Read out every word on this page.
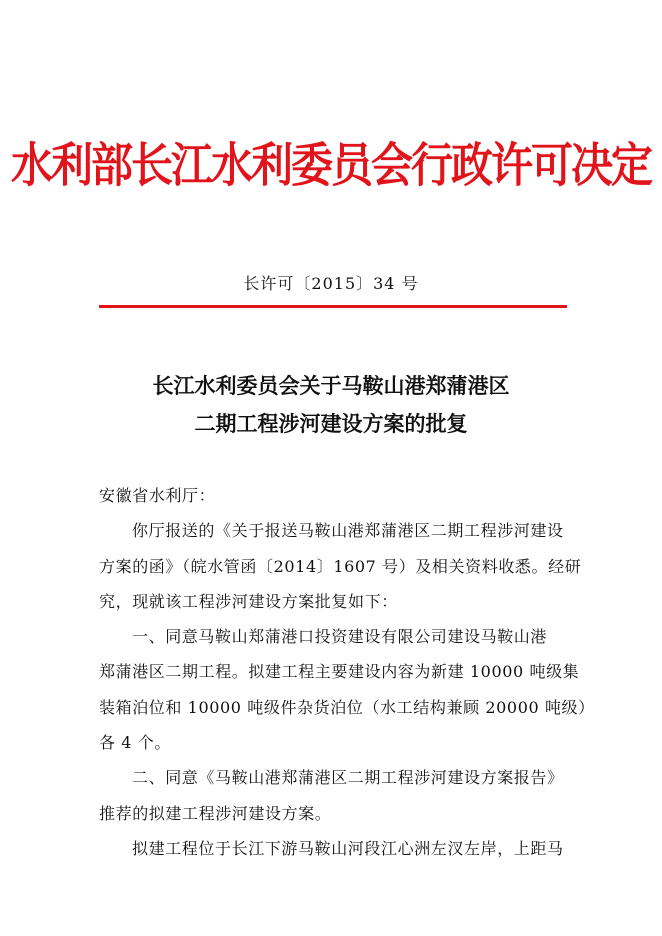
水利部长江水利委员会行政许可决定
长许可〔2015〕34 号
长江水利委员会关于马鞍山港郑蒲港区
二期工程涉河建设方案的批复

安徽省水利厅：

你厅报送的《关于报送马鞍山港郑蒲港区二期工程涉河建设
方案的函》（皖水管函〔2014〕1607 号）及相关资料收悉。经研
究，现就该工程涉河建设方案批复如下：

一、同意马鞍山郑蒲港口投资建设有限公司建设马鞍山港
郑蒲港区二期工程。拟建工程主要建设内容为新建 10000 吨级集
装箱泊位和 10000 吨级件杂货泊位（水工结构兼顾 20000 吨级）
各 4 个。

二、同意《马鞍山港郑蒲港区二期工程涉河建设方案报告》
推荐的拟建工程涉河建设方案。

拟建工程位于长江下游马鞍山河段江心洲左汊左岸，上距马
